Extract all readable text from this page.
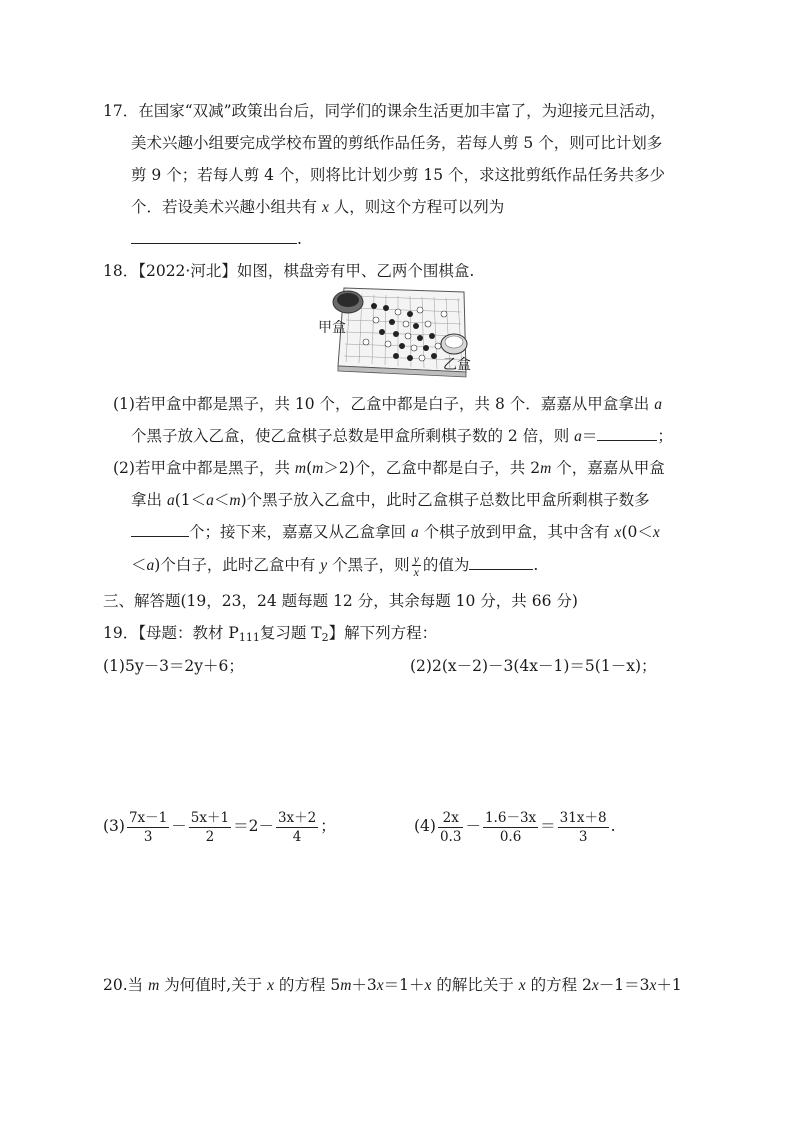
17．在国家“双减”政策出台后，同学们的课余生活更加丰富了，为迎接元旦活动，
美术兴趣小组要完成学校布置的剪纸作品任务，若每人剪 5 个，则可比计划多
剪 9 个；若每人剪 4 个，则将比计划少剪 15 个，求这批剪纸作品任务共多少
个．若设美术兴趣小组共有 x 人，则这个方程可以列为
.
18．【2022·河北】如图，棋盘旁有甲、乙两个围棋盒.
甲盒
乙盒
(1)若甲盒中都是黑子，共 10 个，乙盒中都是白子，共 8 个．嘉嘉从甲盒拿出 a
个黑子放入乙盒，使乙盒棋子总数是甲盒所剩棋子数的 2 倍，则 a＝	；
(2)若甲盒中都是黑子，共 m(m＞2)个，乙盒中都是白子，共 2m 个，嘉嘉从甲盒
拿出 a(1＜a＜m)个黑子放入乙盒中，此时乙盒棋子总数比甲盒所剩棋子数多
个；接下来，嘉嘉又从乙盒拿回 a 个棋子放到甲盒，其中含有 x(0＜x
＜a)个白子，此时乙盒中有 y 个黑子，则 $\frac{y}{x}$ 的值为	.
三、解答题(19，23，24 题每题 12 分，其余每题 10 分，共 66 分)
19．【母题：教材 $P_{111}$复习题 $T_2$】解下列方程：
(1)5y－3＝2y＋6；	(2)2(x－2)－3(4x－1)＝5(1－x)；
$(3) \frac{7x-1}{3} - \frac{5x+1}{2} =2- \frac{3x+2}{4}$ ；	$(4) \frac{2x}{0.3} - \frac{1.6-3x}{0.6} = \frac{31x+8}{3}$ .
20.当 m 为何值时,关于 x 的方程 5m＋3x＝1＋x 的解比关于 x 的方程 2x－1＝3x＋1
